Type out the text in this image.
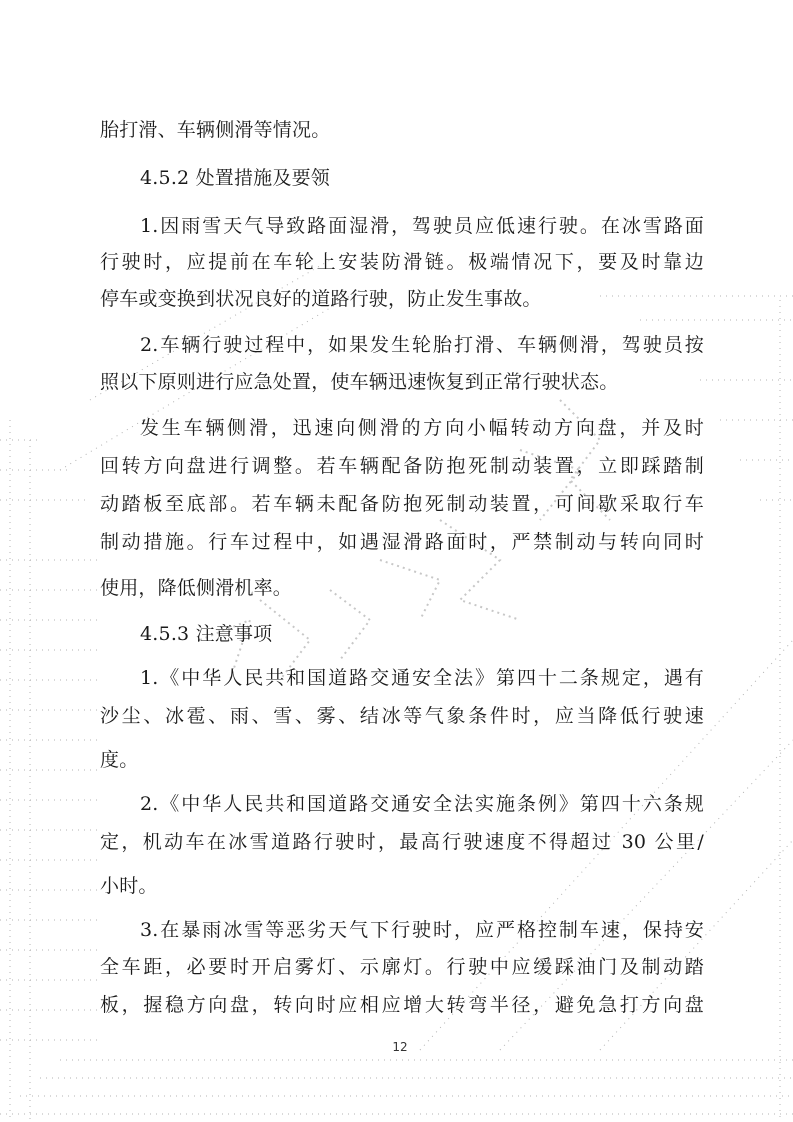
胎打滑、车辆侧滑等情况。
4.5.2 处置措施及要领
1.因雨雪天气导致路面湿滑，驾驶员应低速行驶。在冰雪路面
行驶时，应提前在车轮上安装防滑链。极端情况下，要及时靠边
停车或变换到状况良好的道路行驶，防止发生事故。
2.车辆行驶过程中，如果发生轮胎打滑、车辆侧滑，驾驶员按
照以下原则进行应急处置，使车辆迅速恢复到正常行驶状态。
发生车辆侧滑，迅速向侧滑的方向小幅转动方向盘，并及时
回转方向盘进行调整。若车辆配备防抱死制动装置，立即踩踏制
动踏板至底部。若车辆未配备防抱死制动装置，可间歇采取行车
制动措施。行车过程中，如遇湿滑路面时，严禁制动与转向同时
使用，降低侧滑机率。
4.5.3 注意事项
1.《中华人民共和国道路交通安全法》第四十二条规定，遇有
沙尘、冰雹、雨、雪、雾、结冰等气象条件时，应当降低行驶速
度。
2.《中华人民共和国道路交通安全法实施条例》第四十六条规
定，机动车在冰雪道路行驶时，最高行驶速度不得超过 30 公里/
小时。
3.在暴雨冰雪等恶劣天气下行驶时，应严格控制车速，保持安
全车距，必要时开启雾灯、示廓灯。行驶中应缓踩油门及制动踏
板，握稳方向盘，转向时应相应增大转弯半径，避免急打方向盘
12
